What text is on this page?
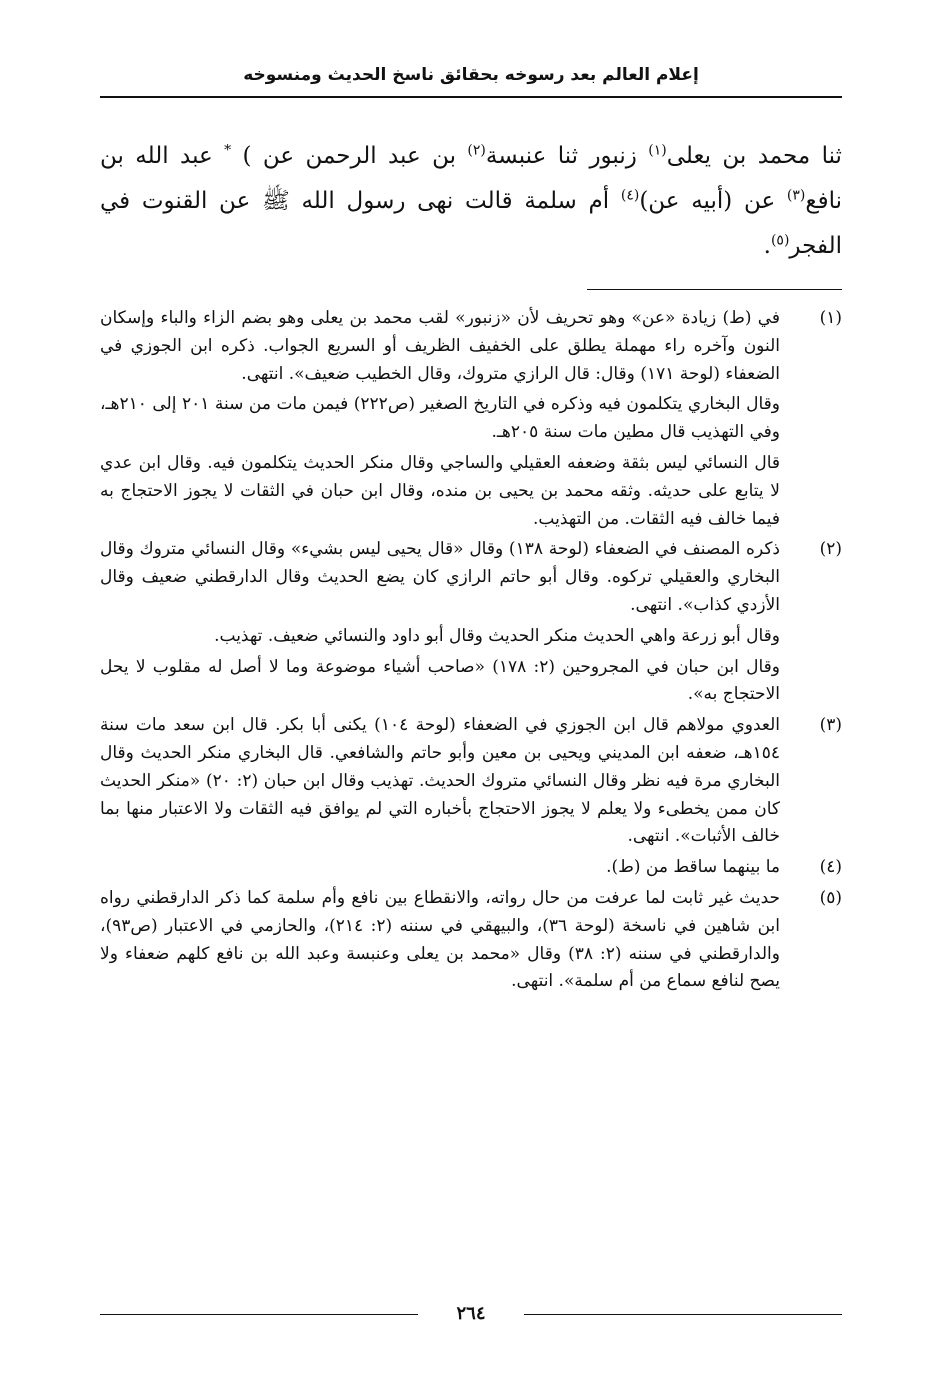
إعلام العالم بعد رسوخه بحقائق ناسخ الحديث ومنسوخه
ثنا محمد بن يعلى$^{(١)}$ زنبور ثنا عنبسة$^{(٢)}$ بن عبد الرحمن عن ) * عبد الله بن نافع$^{(٣)}$ عن (أبيه عن)$^{(٤)}$ أم سلمة قالت نهى رسول الله ﷺ عن القنوت في الفجر$^{(٥)}$.
(١)

في (ط) زيادة «عن» وهو تحريف لأن «زنبور» لقب محمد بن يعلى وهو بضم الزاء والباء وإسكان النون وآخره راء مهملة يطلق على الخفيف الظريف أو السريع الجواب. ذكره ابن الجوزي في الضعفاء (لوحة ١٧١) وقال: قال الرازي متروك، وقال الخطيب ضعيف». انتهى.

وقال البخاري يتكلمون فيه وذكره في التاريخ الصغير (ص٢٢٢) فيمن مات من سنة ٢٠١ إلى ٢١٠هـ، وفي التهذيب قال مطين مات سنة ٢٠٥هـ.

قال النسائي ليس بثقة وضعفه العقيلي والساجي وقال منكر الحديث يتكلمون فيه. وقال ابن عدي لا يتابع على حديثه. وثقه محمد بن يحيى بن منده، وقال ابن حبان في الثقات لا يجوز الاحتجاج به فيما خالف فيه الثقات. من التهذيب.

(٢)

ذكره المصنف في الضعفاء (لوحة ١٣٨) وقال «قال يحيى ليس بشيء» وقال النسائي متروك وقال البخاري والعقيلي تركوه. وقال أبو حاتم الرازي كان يضع الحديث وقال الدارقطني ضعيف وقال الأزدي كذاب». انتهى.

وقال أبو زرعة واهي الحديث منكر الحديث وقال أبو داود والنسائي ضعيف. تهذيب.

وقال ابن حبان في المجروحين (٢: ١٧٨) «صاحب أشياء موضوعة وما لا أصل له مقلوب لا يحل الاحتجاج به».

(٣)

العدوي مولاهم قال ابن الجوزي في الضعفاء (لوحة ١٠٤) يكنى أبا بكر. قال ابن سعد مات سنة ١٥٤هـ، ضعفه ابن المديني ويحيى بن معين وأبو حاتم والشافعي. قال البخاري منكر الحديث وقال البخاري مرة فيه نظر وقال النسائي متروك الحديث. تهذيب وقال ابن حبان (٢: ٢٠) «منكر الحديث كان ممن يخطىء ولا يعلم لا يجوز الاحتجاج بأخباره التي لم يوافق فيه الثقات ولا الاعتبار منها بما خالف الأثبات». انتهى.

(٤)

ما بينهما ساقط من (ط).

(٥)

حديث غير ثابت لما عرفت من حال رواته، والانقطاع بين نافع وأم سلمة كما ذكر الدارقطني رواه ابن شاهين في ناسخة (لوحة ٣٦)، والبيهقي في سننه (٢: ٢١٤)، والحازمي في الاعتبار (ص٩٣)، والدارقطني في سننه (٢: ٣٨) وقال «محمد بن يعلى وعنبسة وعبد الله بن نافع كلهم ضعفاء ولا يصح لنافع سماع من أم سلمة». انتهى.

٢٦٤
